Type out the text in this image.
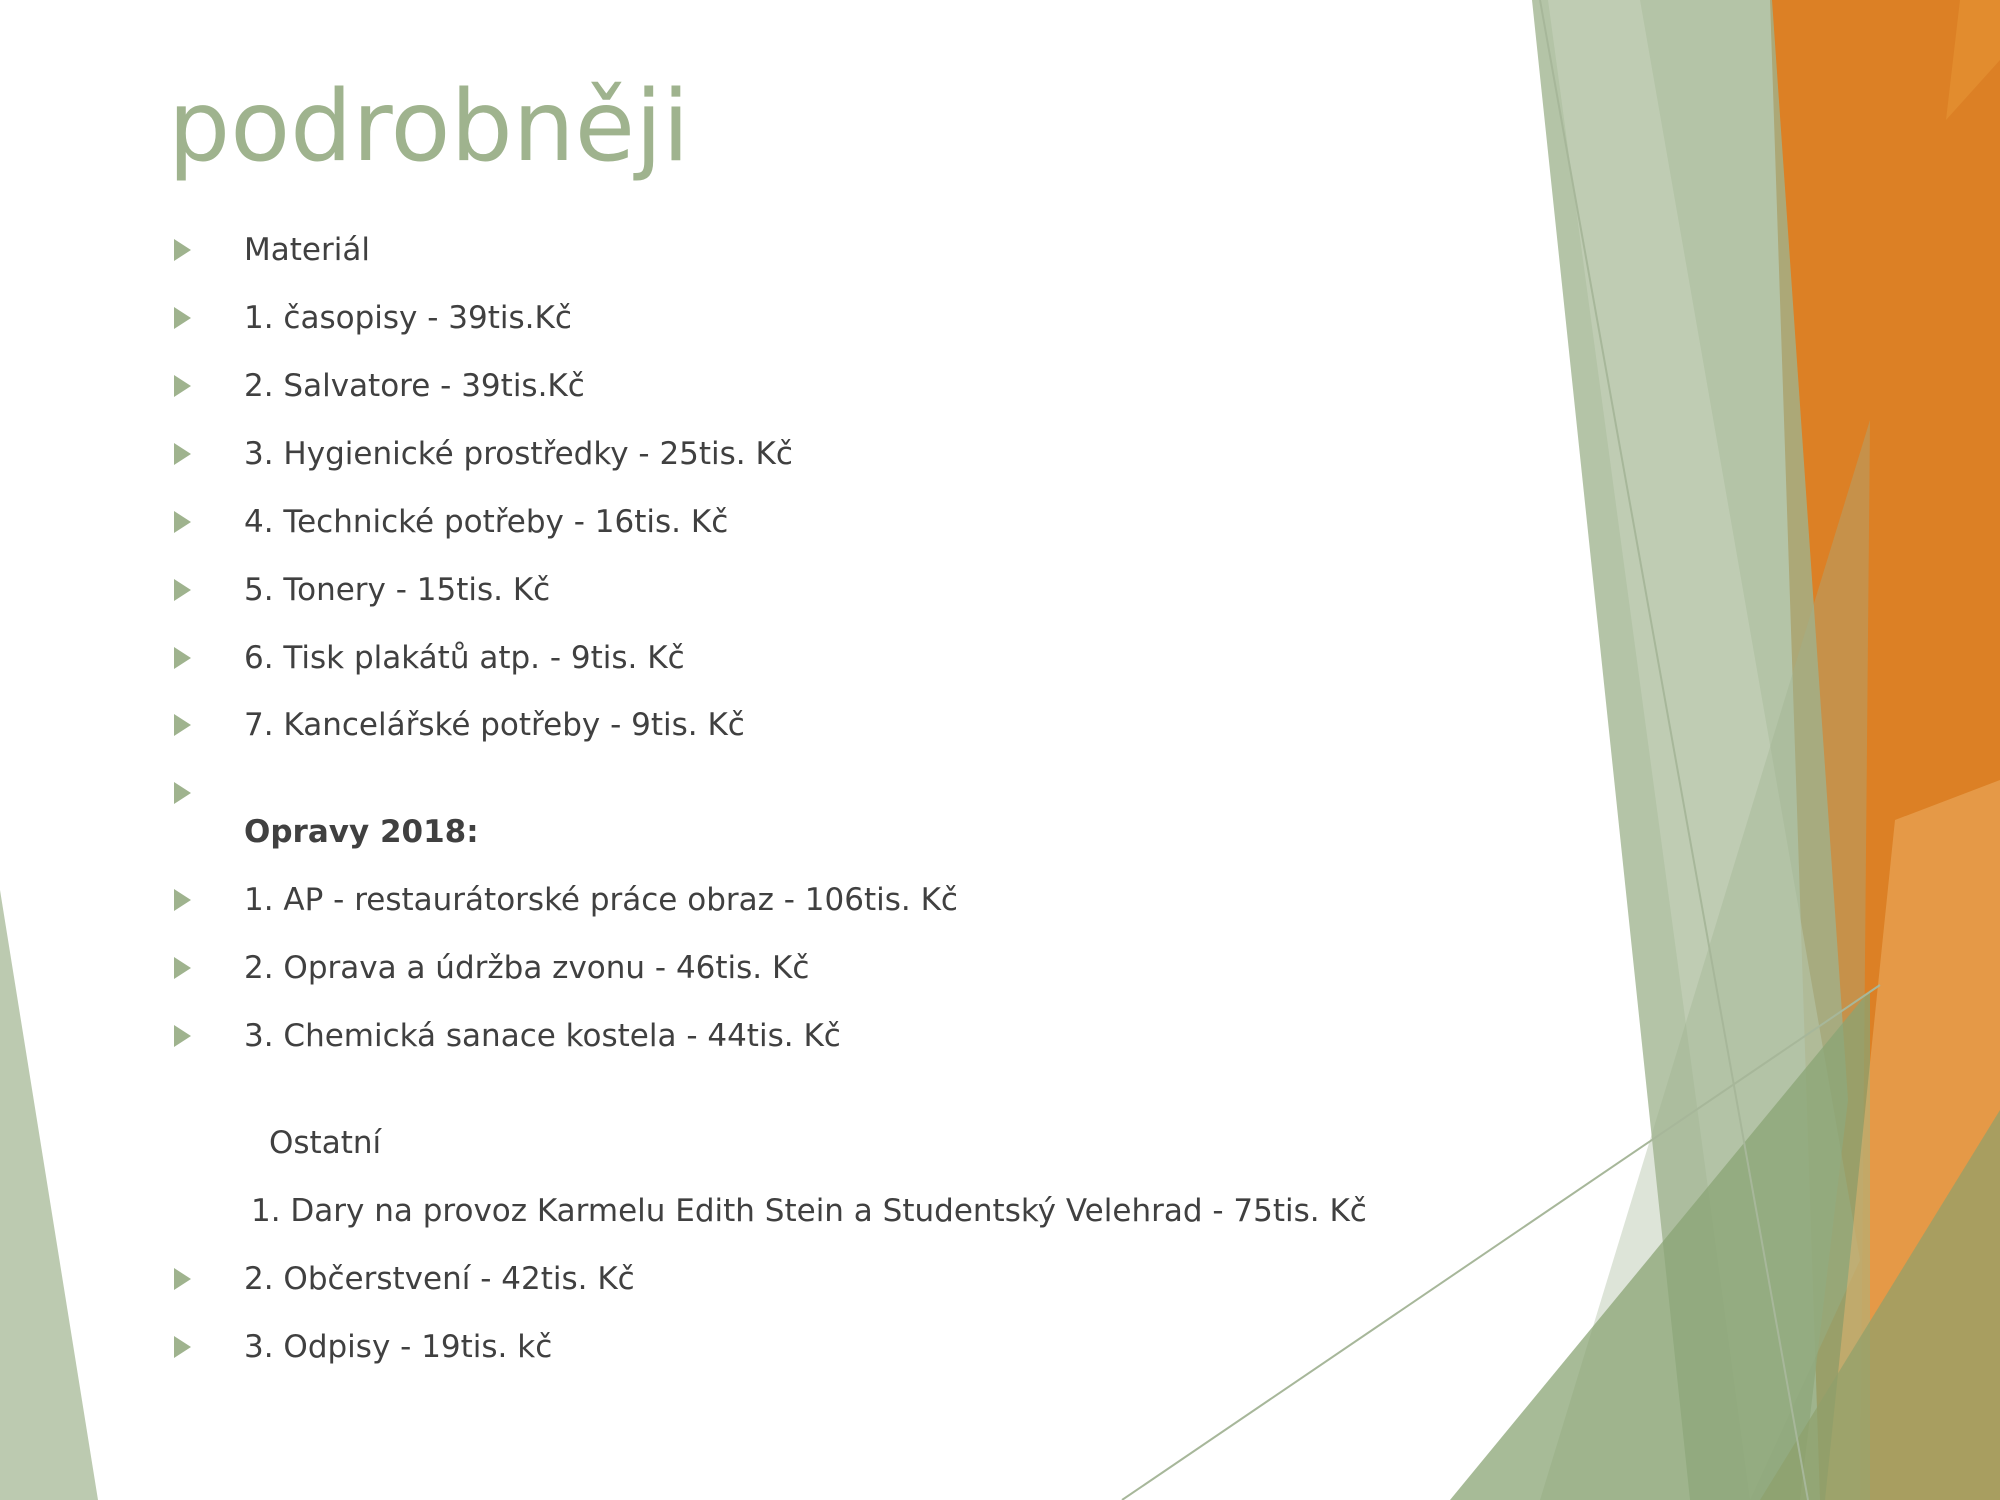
podrobněji
Materiál
1. časopisy - 39tis.Kč
2. Salvatore - 39tis.Kč
3. Hygienické prostředky - 25tis. Kč
4. Technické potřeby - 16tis. Kč
5. Tonery - 15tis. Kč
6. Tisk plakátů atp. - 9tis. Kč
7. Kancelářské potřeby - 9tis. Kč
Opravy 2018:
1. AP - restaurátorské práce obraz - 106tis. Kč
2. Oprava a údržba zvonu - 46tis. Kč
3. Chemická sanace kostela - 44tis. Kč
Ostatní
1. Dary na provoz Karmelu Edith Stein a Studentský Velehrad - 75tis. Kč
2. Občerstvení - 42tis. Kč
3. Odpisy - 19tis. kč
